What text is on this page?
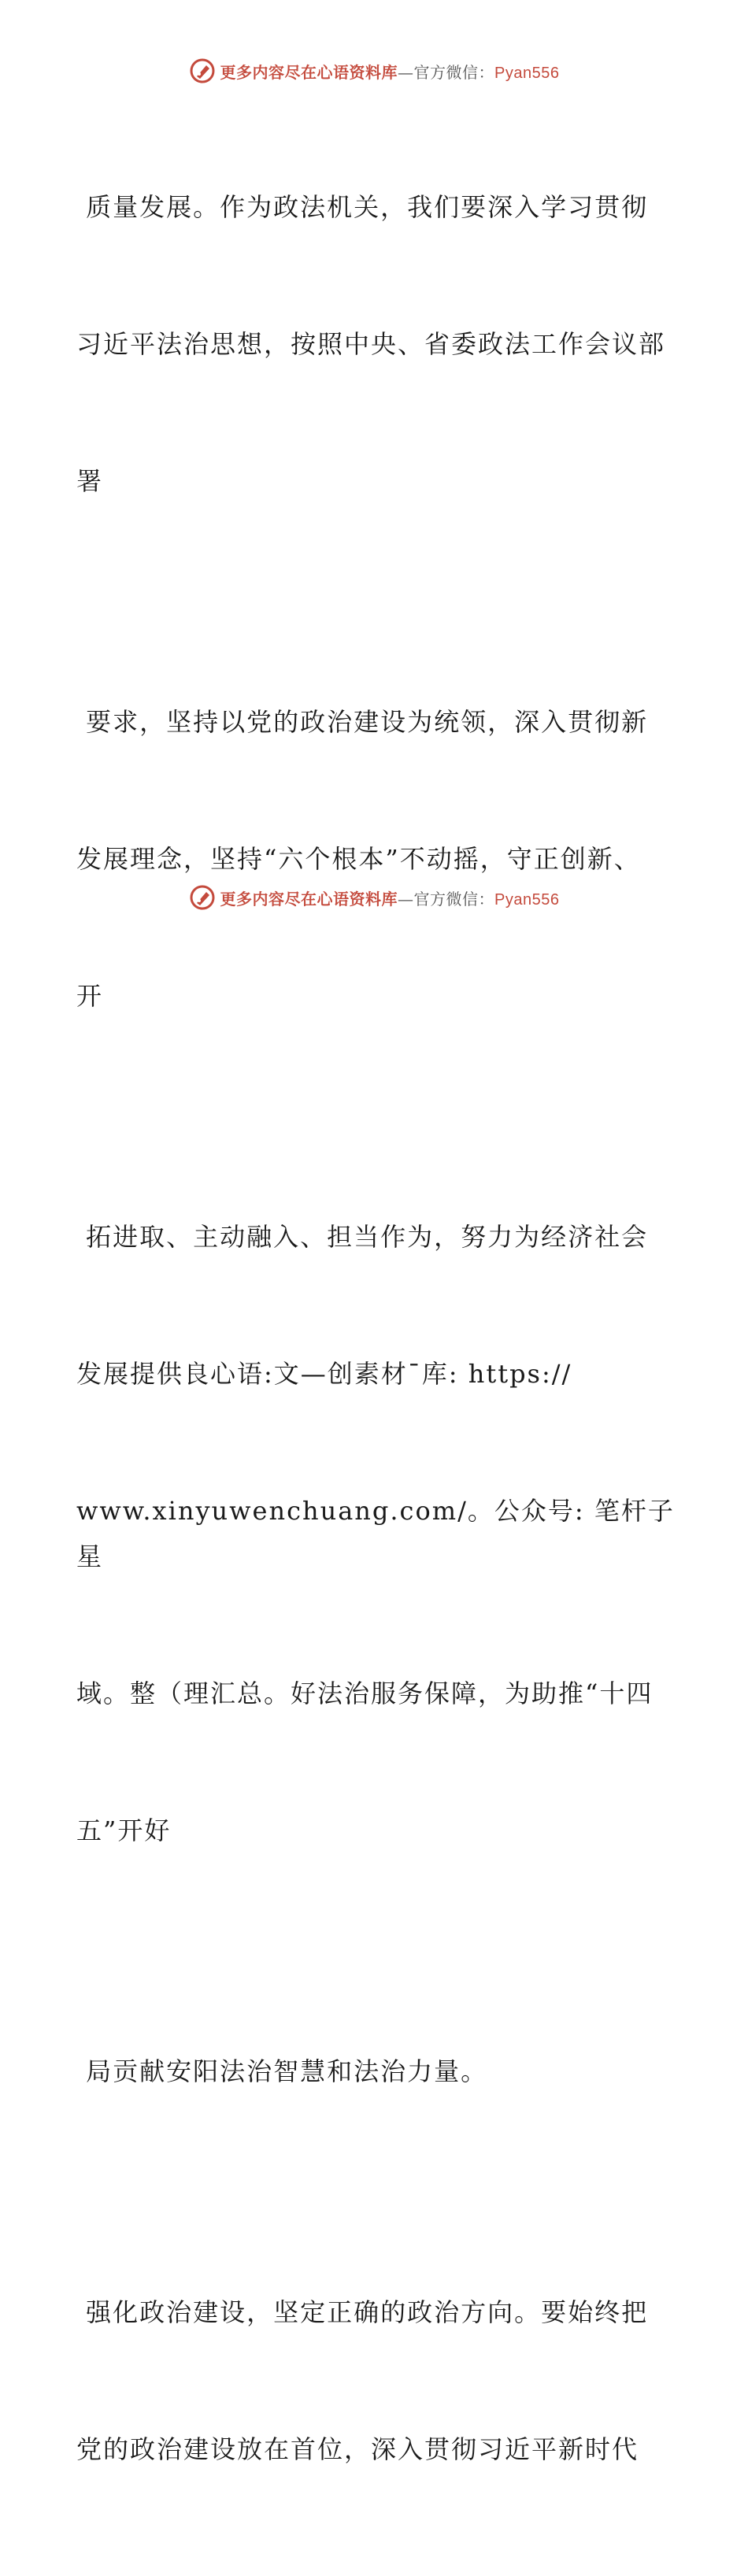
更多内容尽在心语资料库—官方微信：Pyan556

质量发展。作为政法机关，我们要深入学习贯彻

习近平法治思想，按照中央、省委政法工作会议部

署

要求，坚持以党的政治建设为统领，深入贯彻新

发展理念，坚持“六个根本”不动摇，守正创新、

开

拓进取、主动融入、担当作为，努力为经济社会

发展提供良心语:文—创素材¯库: https://

www.xinyuwenchuang.com/。公众号: 笔杆子星

域。整（理汇总。好法治服务保障，为助推“十四

五”开好

局贡献安阳法治智慧和法治力量。

强化政治建设，坚定正确的政治方向。要始终把

党的政治建设放在首位，深入贯彻习近平新时代

更多内容尽在心语资料库—官方微信：Pyan556
